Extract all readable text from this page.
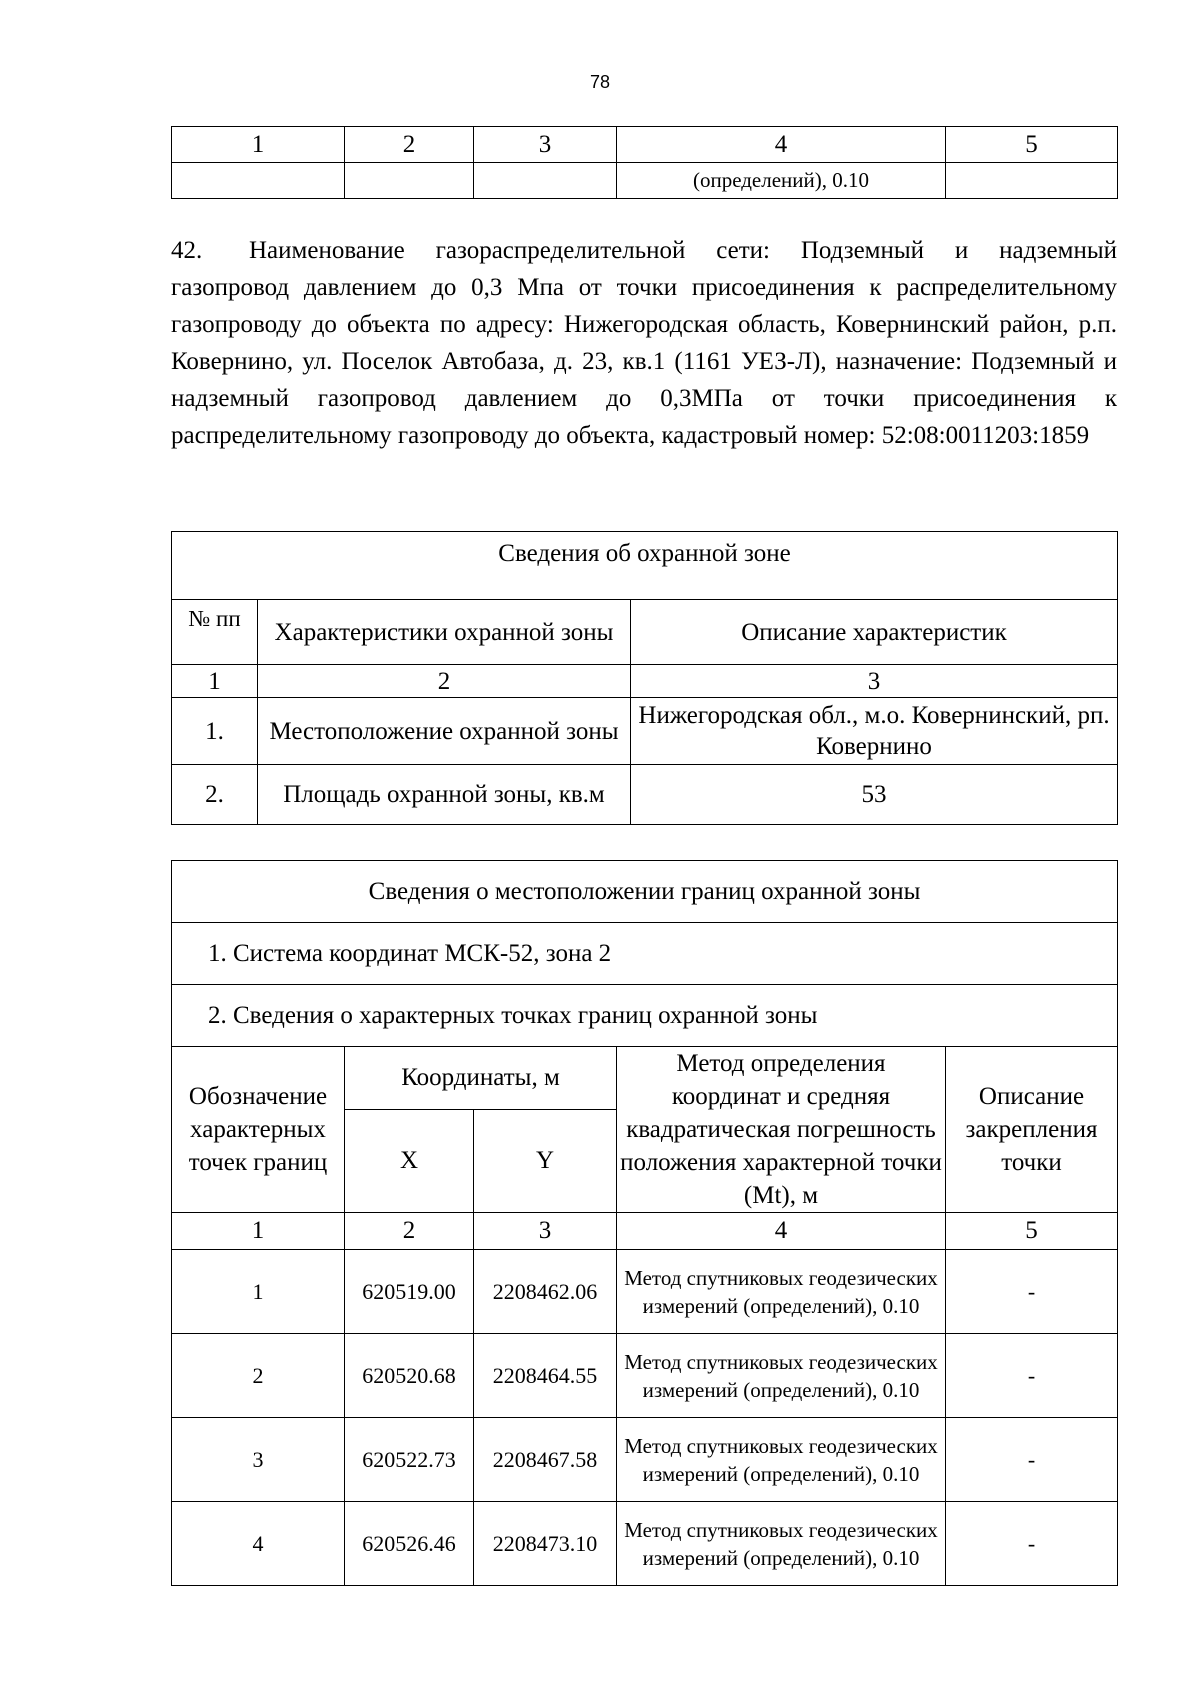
78
1	2	3	4	5
			(определений), 0.10	

42. Наименование газораспределительной сети: Подземный и надземный газопровод давлением до 0,3 Мпа от точки присоединения к распределительному газопроводу до объекта по адресу: Нижегородская область, Ковернинский район, р.п. Ковернино, ул. Поселок Автобаза, д. 23, кв.1 (1161 УЕЗ-Л), назначение: Подземный и надземный газопровод давлением до 0,3МПа от точки присоединения к распределительному газопроводу до объекта, кадастровый номер: 52:08:0011203:1859

Сведения об охранной зоне		
№ пп	Характеристики охранной зоны	Описание характеристик
1	2	3
1.	Местоположение охранной зоны	Нижегородская обл., м.о. Ковернинский, рп. Ковернино
2.	Площадь охранной зоны, кв.м	53
Сведения о местоположении границ охранной зоны				
1. Система координат МСК-52, зона 2				
2. Сведения о характерных точках границ охранной зоны				
Обозначение характерных точек границ	Координаты, м		Метод определения координат и средняя квадратическая погрешность положения характерной точки (Mt), м	Описание закрепления точки
	X	Y		
1	2	3	4	5
1	620519.00	2208462.06	Метод спутниковых геодезических измерений (определений), 0.10	-
2	620520.68	2208464.55	Метод спутниковых геодезических измерений (определений), 0.10	-
3	620522.73	2208467.58	Метод спутниковых геодезических измерений (определений), 0.10	-
4	620526.46	2208473.10	Метод спутниковых геодезических измерений (определений), 0.10	-
